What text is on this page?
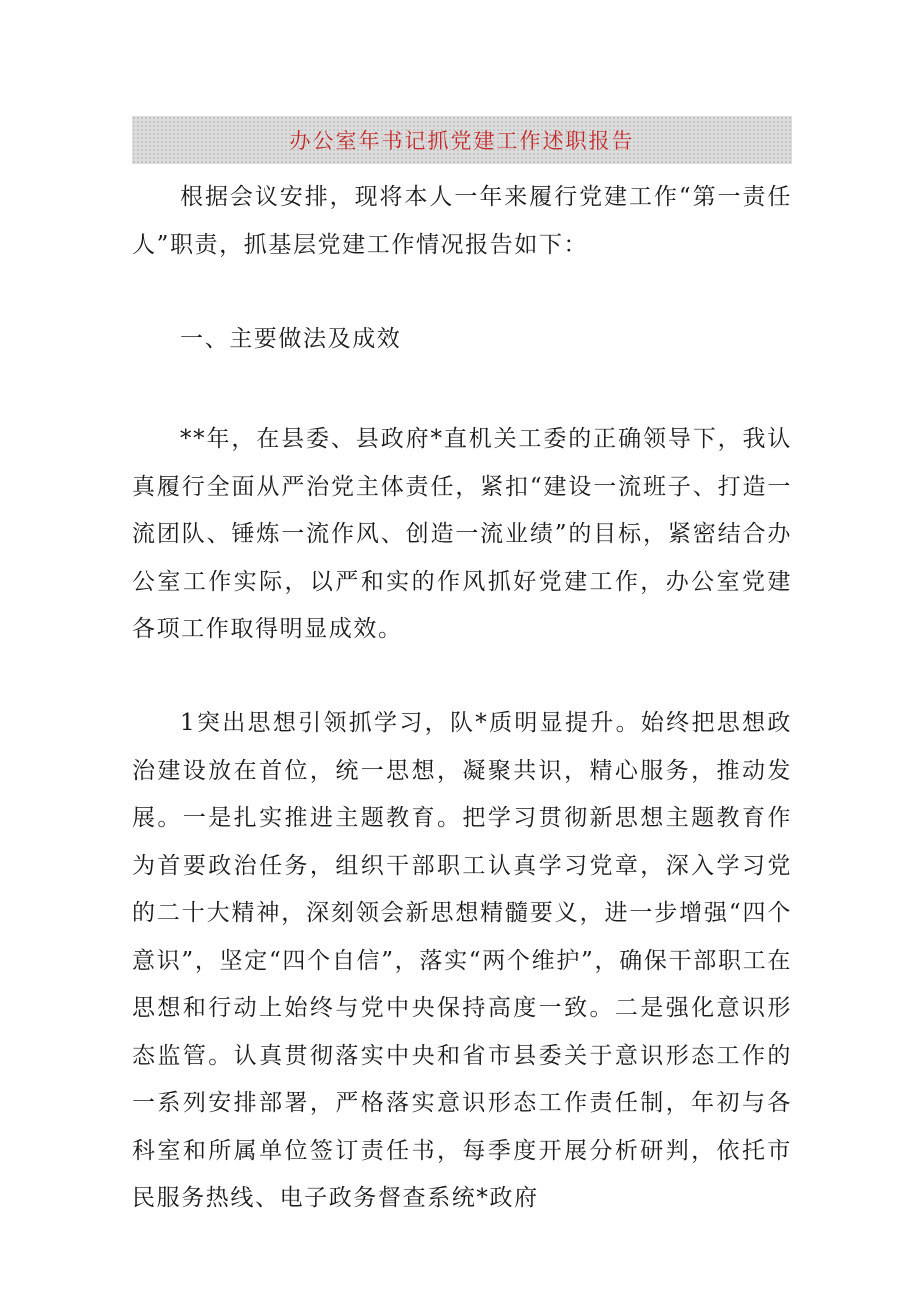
办公室年书记抓党建工作述职报告

根据会议安排，现将本人一年来履行党建工作“第一责任人”职责，抓基层党建工作情况报告如下：

一、主要做法及成效

**年，在县委、县政府*直机关工委的正确领导下，我认真履行全面从严治党主体责任，紧扣“建设一流班子、打造一流团队、锤炼一流作风、创造一流业绩”的目标，紧密结合办公室工作实际，以严和实的作风抓好党建工作，办公室党建各项工作取得明显成效。

1突出思想引领抓学习，队*质明显提升。始终把思想政治建设放在首位，统一思想，凝聚共识，精心服务，推动发展。一是扎实推进主题教育。把学习贯彻新思想主题教育作为首要政治任务，组织干部职工认真学习党章，深入学习党的二十大精神，深刻领会新思想精髓要义，进一步增强“四个意识”，坚定“四个自信”，落实“两个维护”，确保干部职工在思想和行动上始终与党中央保持高度一致。二是强化意识形态监管。认真贯彻落实中央和省市县委关于意识形态工作的一系列安排部署，严格落实意识形态工作责任制，年初与各科室和所属单位签订责任书，每季度开展分析研判，依托市民服务热线、电子政务督查系统*政府
